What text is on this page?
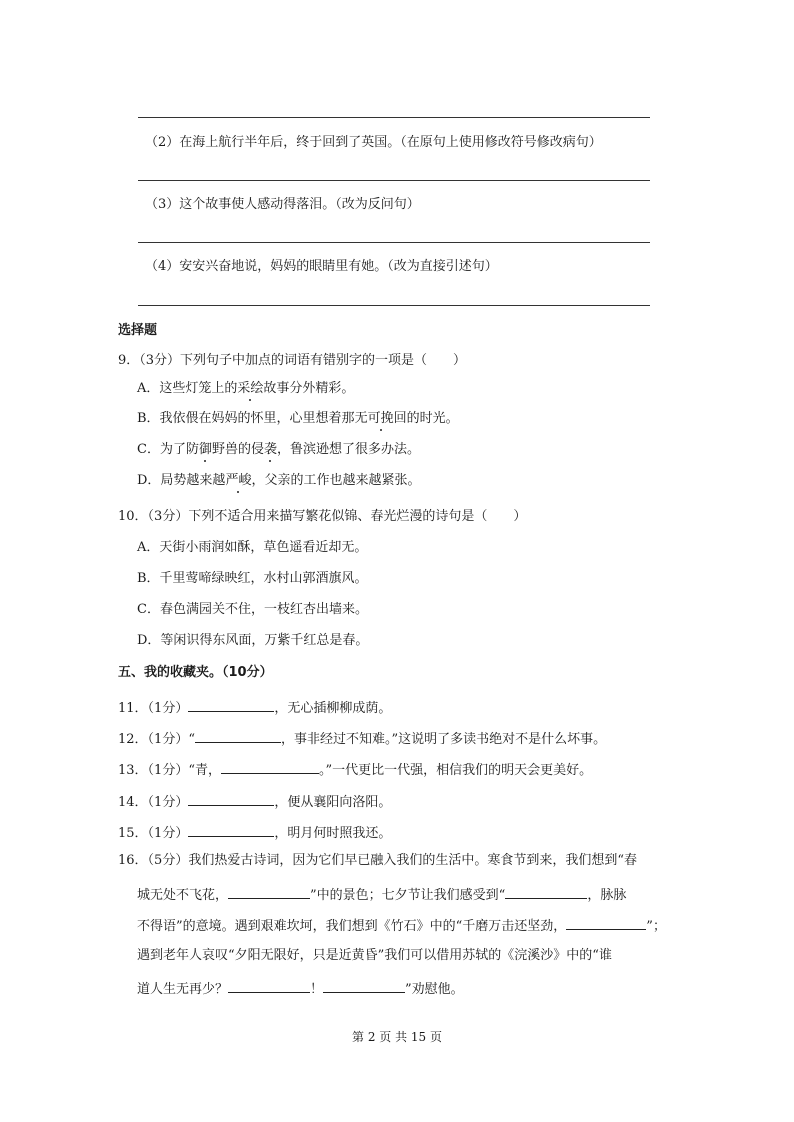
（2）在海上航行半年后，终于回到了英国。（在原句上使用修改符号修改病句）
（3）这个故事使人感动得落泪。（改为反问句）
（4）安安兴奋地说，妈妈的眼睛里有她。（改为直接引述句）
选择题
9．（3分）下列句子中加点的词语有错别字的一项是（　　）
A．这些灯笼上的采绘故事分外精彩。
B．我依偎在妈妈的怀里，心里想着那无可挽回的时光。
C．为了防御野兽的侵袭，鲁滨逊想了很多办法。
D．局势越来越严峻，父亲的工作也越来越紧张。
10．（3分）下列不适合用来描写繁花似锦、春光烂漫的诗句是（　　）
A．天街小雨润如酥，草色遥看近却无。
B．千里莺啼绿映红，水村山郭酒旗风。
C．春色满园关不住，一枝红杏出墙来。
D．等闲识得东风面，万紫千红总是春。
五、我的收藏夹。（10分）
11．（1分）	，无心插柳柳成荫。
12．（1分）“	，事非经过不知难。”这说明了多读书绝对不是什么坏事。
13．（1分）“青，	。”一代更比一代强，相信我们的明天会更美好。
14．（1分）	，便从襄阳向洛阳。
15．（1分）	，明月何时照我还。
16．（5分）我们热爱古诗词，因为它们早已融入我们的生活中。寒食节到来，我们想到“春
城无处不飞花，	”中的景色；七夕节让我们感受到“	，脉脉
不得语”的意境。遇到艰难坎坷，我们想到《竹石》中的“千磨万击还坚劲，	”；
遇到老年人哀叹“夕阳无限好，只是近黄昏”我们可以借用苏轼的《浣溪沙》中的“谁
道人生无再少？	！	”劝慰他。
第 2 页 共 15 页
